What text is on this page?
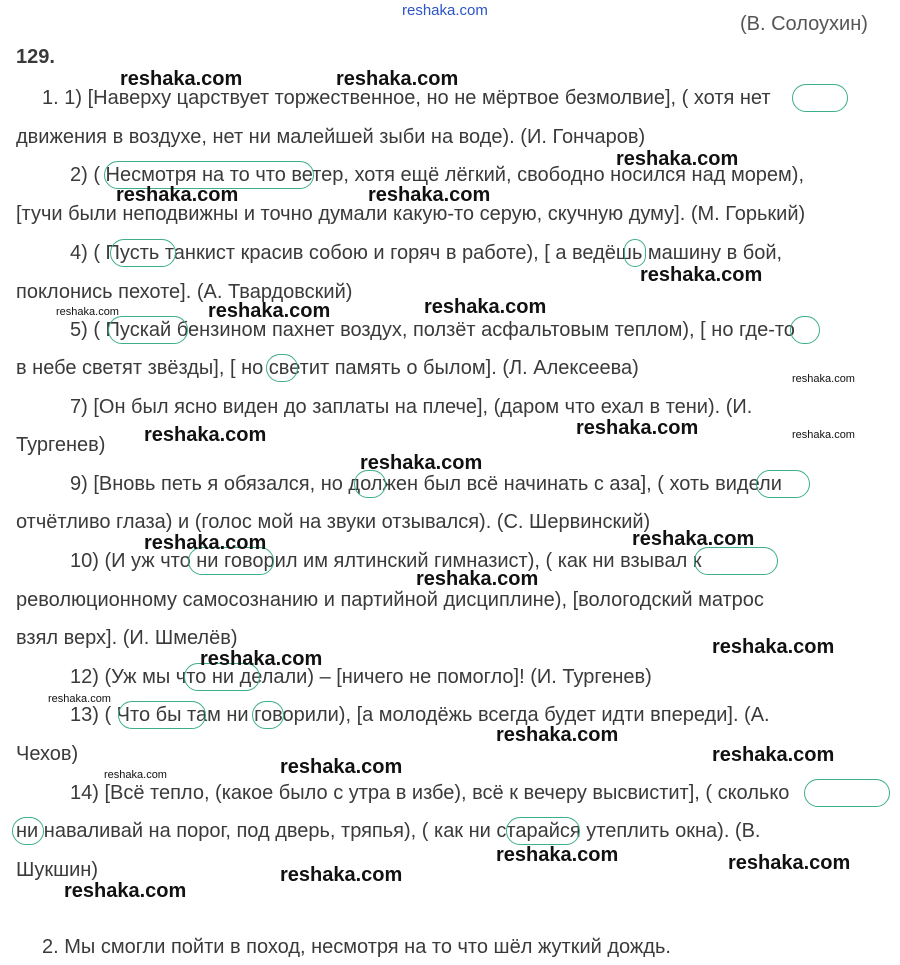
reshaka.com
(В. Солоухин)
129.
1. 1) [Наверху царствует торжественное, но не мёртвое безмолвие], ( хотя нет
движения в воздухе, нет ни малейшей зыби на воде). (И. Гончаров)
2) ( Несмотря на то что ветер, хотя ещё лёгкий, свободно носился над морем),
[тучи были неподвижны и точно думали какую-то серую, скучную думу]. (М. Горький)
4) ( Пусть танкист красив собою и горяч в работе), [ а ведёшь машину в бой,
поклонись пехоте]. (А. Твардовский)
5) ( Пускай бензином пахнет воздух, ползёт асфальтовым теплом), [ но где-то
в небе светят звёзды], [ но светит память о былом]. (Л. Алексеева)
7) [Он был ясно виден до заплаты на плече], (даром что ехал в тени). (И.
Тургенев)
9) [Вновь петь я обязался, но должен был всё начинать с аза], ( хоть видели
отчётливо глаза) и (голос мой на звуки отзывался). (С. Шервинский)
10) (И уж что ни говорил им ялтинский гимназист), ( как ни взывал к
революционному самосознанию и партийной дисциплине), [вологодский матрос
взял верх]. (И. Шмелёв)
12) (Уж мы что ни делали) – [ничего не помогло]! (И. Тургенев)
13) ( Что бы там ни говорили), [а молодёжь всегда будет идти впереди]. (А.
Чехов)
14) [Всё тепло, (какое было с утра в избе), всё к вечеру высвистит], ( сколько
ни наваливай на порог, под дверь, тряпья), ( как ни старайся утеплить окна). (В.
Шукшин)
2. Мы смогли пойти в поход, несмотря на то что шёл жуткий дождь.
reshaka.com	reshaka.com
reshaka.com
reshaka.com	reshaka.com
reshaka.com
reshaka.com	reshaka.com	reshaka.com
reshaka.com
reshaka.com
reshaka.com	reshaka.com
reshaka.com
reshaka.com
reshaka.com
reshaka.com
reshaka.com
reshaka.com
reshaka.com
reshaka.com
reshaka.com
reshaka.com
reshaka.com
reshaka.com	reshaka.com
reshaka.com
reshaka.com
